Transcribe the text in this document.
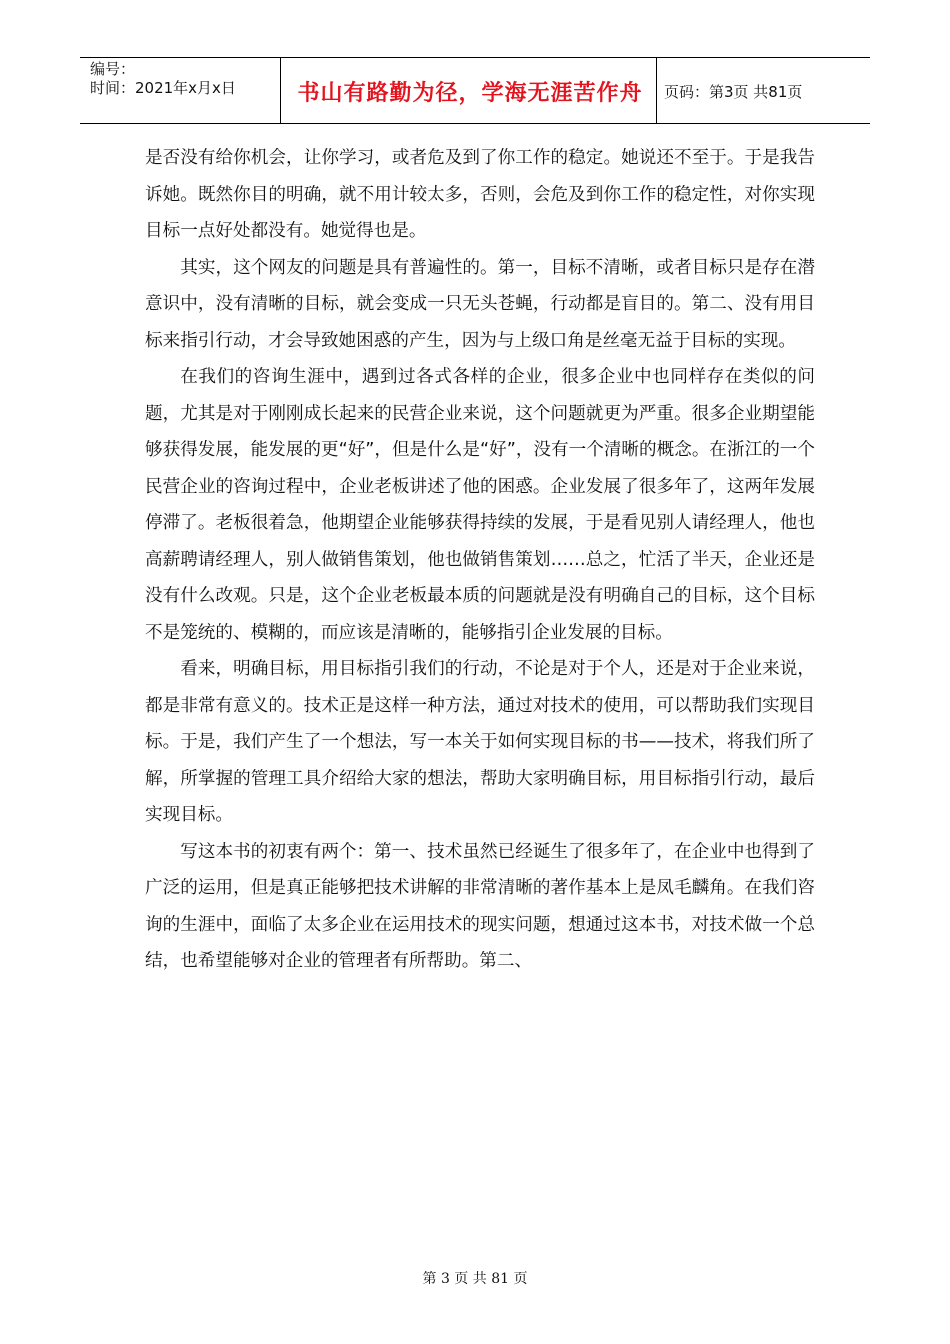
编号：
时间：2021年x月x日	书山有路勤为径，学海无涯苦作舟	页码：第3页 共81页

是否没有给你机会，让你学习，或者危及到了你工作的稳定。她说还不至于。于是我告诉她。既然你目的明确，就不用计较太多，否则，会危及到你工作的稳定性，对你实现目标一点好处都没有。她觉得也是。

其实，这个网友的问题是具有普遍性的。第一，目标不清晰，或者目标只是存在潜意识中，没有清晰的目标，就会变成一只无头苍蝇，行动都是盲目的。第二、没有用目标来指引行动，才会导致她困惑的产生，因为与上级口角是丝毫无益于目标的实现。

在我们的咨询生涯中，遇到过各式各样的企业，很多企业中也同样存在类似的问题，尤其是对于刚刚成长起来的民营企业来说，这个问题就更为严重。很多企业期望能够获得发展，能发展的更“好”，但是什么是“好”，没有一个清晰的概念。在浙江的一个民营企业的咨询过程中，企业老板讲述了他的困惑。企业发展了很多年了，这两年发展停滞了。老板很着急，他期望企业能够获得持续的发展，于是看见别人请经理人，他也高薪聘请经理人，别人做销售策划，他也做销售策划……总之，忙活了半天，企业还是没有什么改观。只是，这个企业老板最本质的问题就是没有明确自己的目标，这个目标不是笼统的、模糊的，而应该是清晰的，能够指引企业发展的目标。

看来，明确目标，用目标指引我们的行动，不论是对于个人，还是对于企业来说，都是非常有意义的。技术正是这样一种方法，通过对技术的使用，可以帮助我们实现目标。于是，我们产生了一个想法，写一本关于如何实现目标的书——技术，将我们所了解，所掌握的管理工具介绍给大家的想法，帮助大家明确目标，用目标指引行动，最后实现目标。

写这本书的初衷有两个：第一、技术虽然已经诞生了很多年了，在企业中也得到了广泛的运用，但是真正能够把技术讲解的非常清晰的著作基本上是凤毛麟角。在我们咨询的生涯中，面临了太多企业在运用技术的现实问题，想通过这本书，对技术做一个总结，也希望能够对企业的管理者有所帮助。第二、

第 3 页 共 81 页
